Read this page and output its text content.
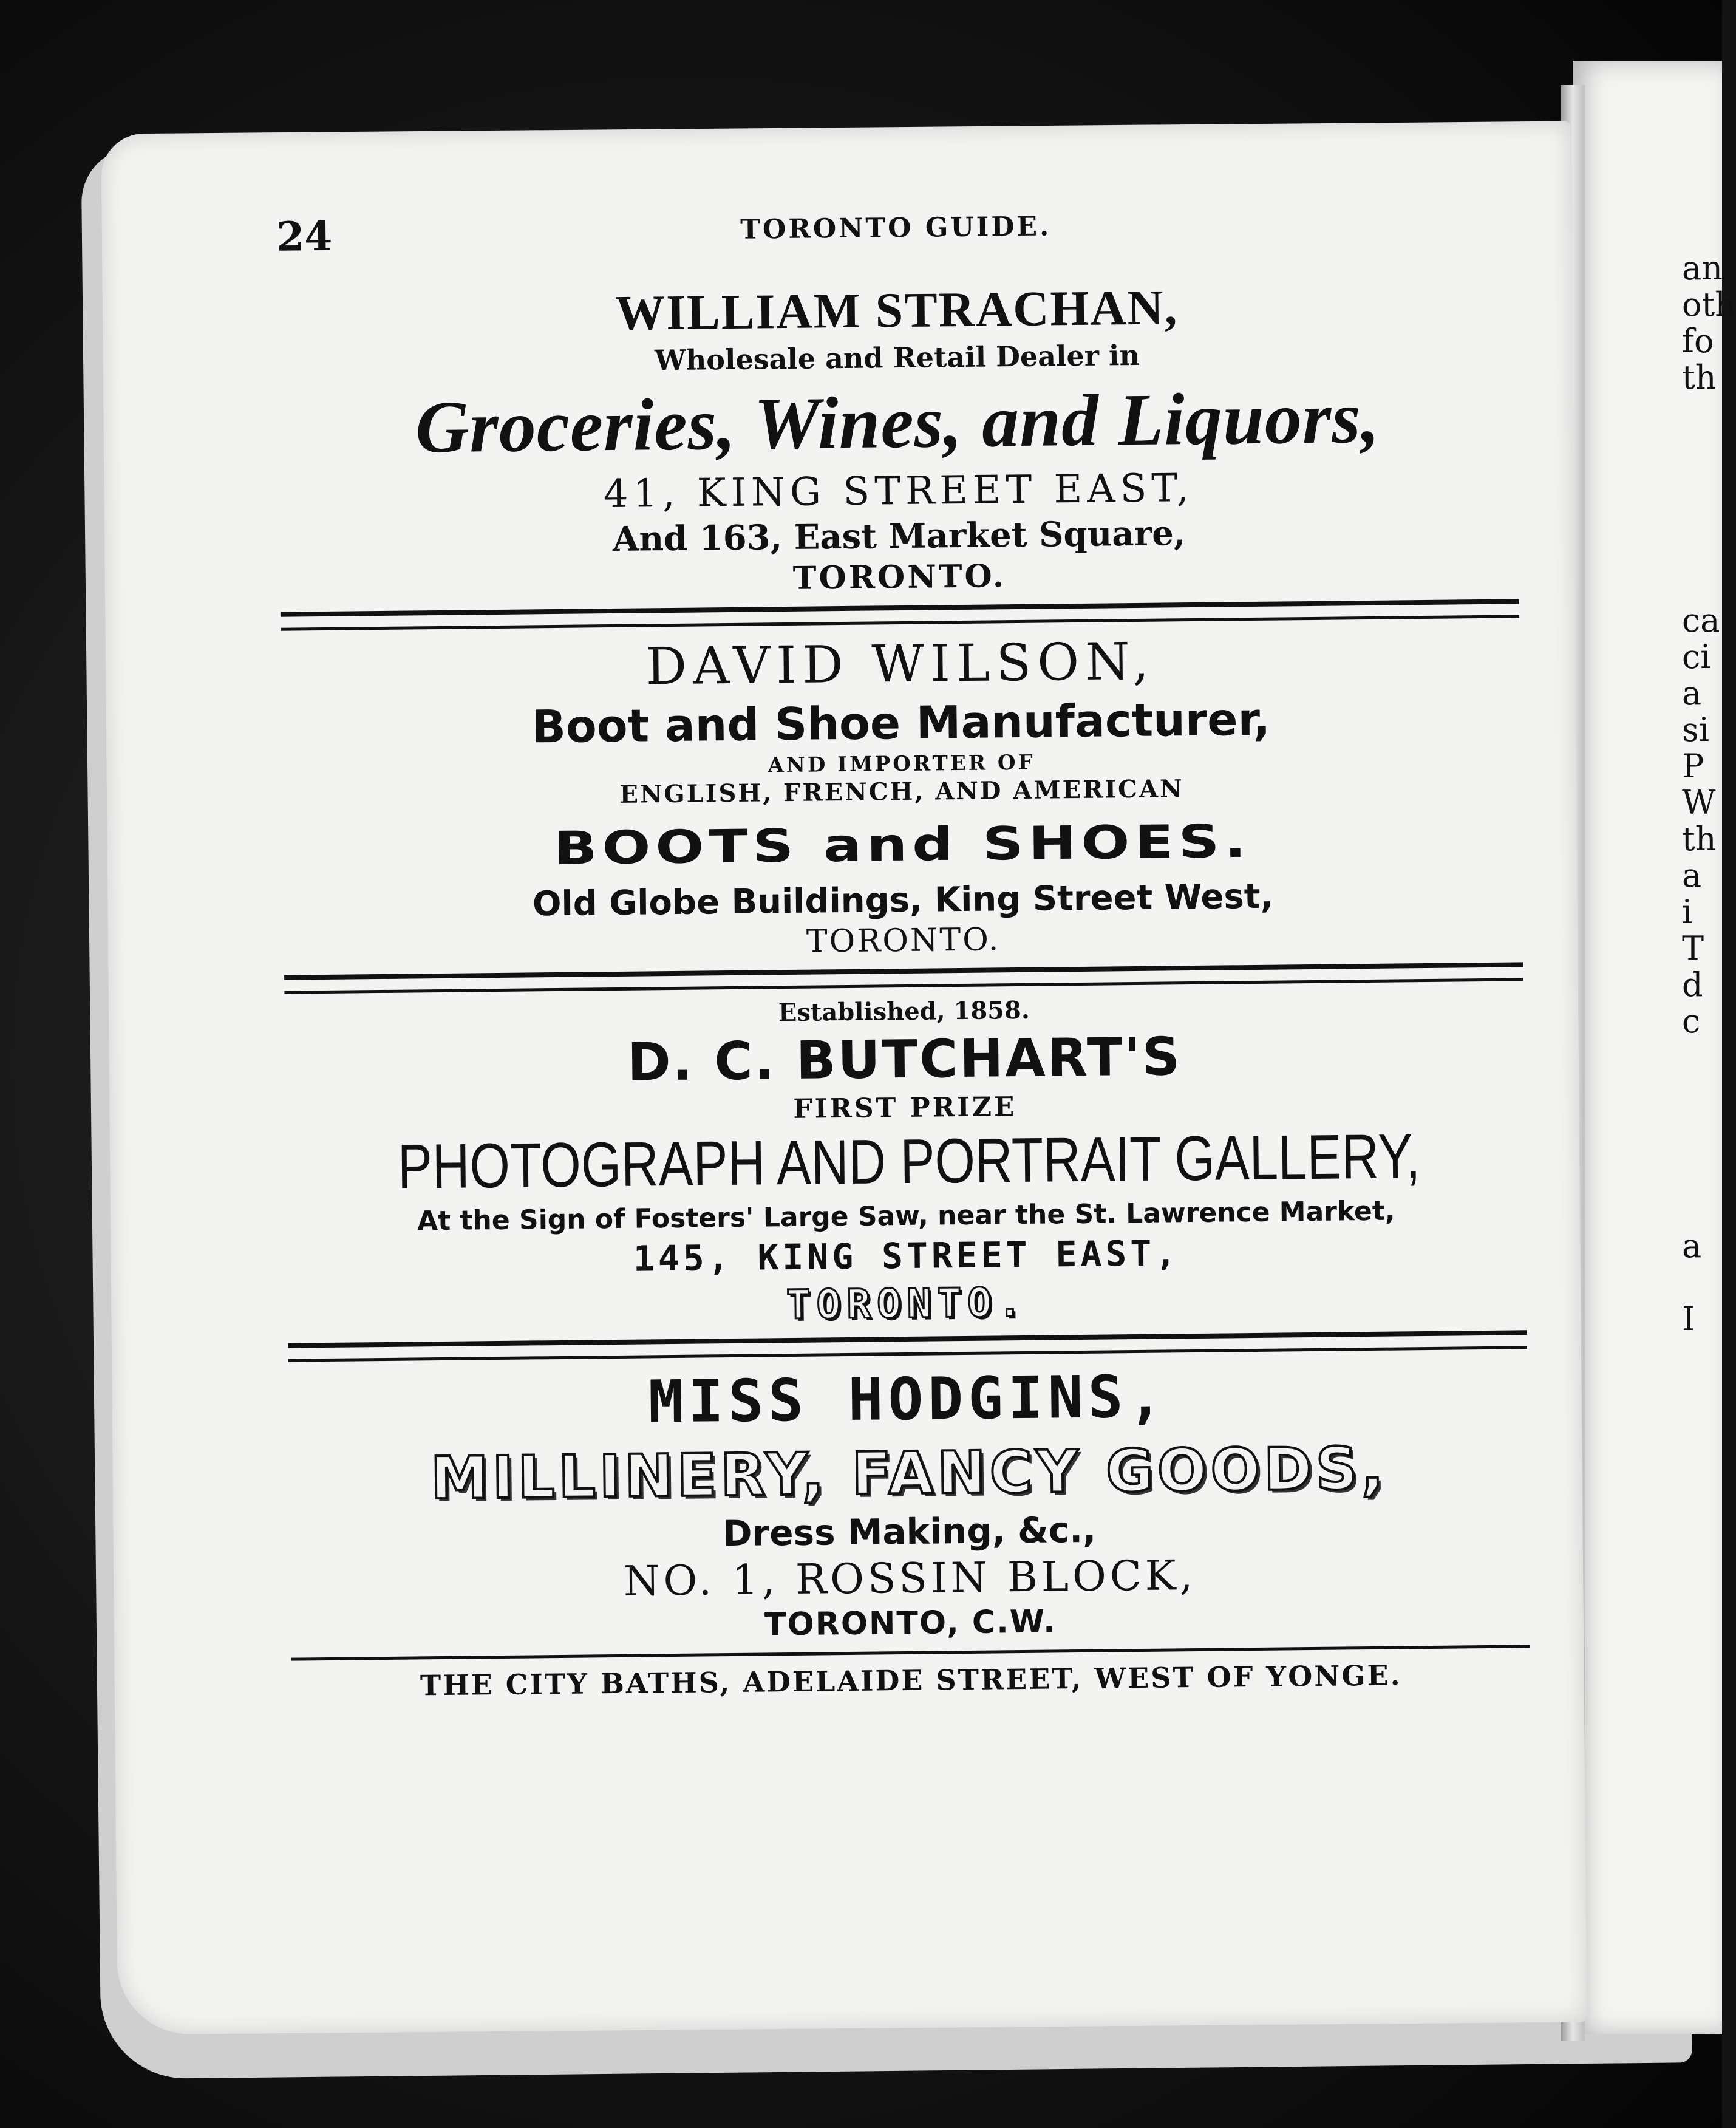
24	TORONTO GUIDE.
WILLIAM STRACHAN,
Wholesale and Retail Dealer in
Groceries, Wines, and Liquors,
41, KING STREET EAST,
And 163, East Market Square,
TORONTO.
DAVID WILSON,
Boot and Shoe Manufacturer,
AND IMPORTER OF
ENGLISH, FRENCH, AND AMERICAN
BOOTS and SHOES.
Old Globe Buildings, King Street West,
TORONTO.
Established, 1858.
D. C. BUTCHART'S
FIRST PRIZE
PHOTOGRAPH AND PORTRAIT GALLERY,
At the Sign of Fosters' Large Saw, near the St. Lawrence Market,
145, KING STREET EAST,
TORONTO.
MISS HODGINS,
MILLINERY, FANCY GOODS,
Dress Making, &c.,
NO. 1, ROSSIN BLOCK,
TORONTO, C.W.
THE CITY BATHS, ADELAIDE STREET, WEST OF YONGE.
an
oth
fo
th
ca
ci
a
si
P
W
th
a
i
T
d
c
a
I
